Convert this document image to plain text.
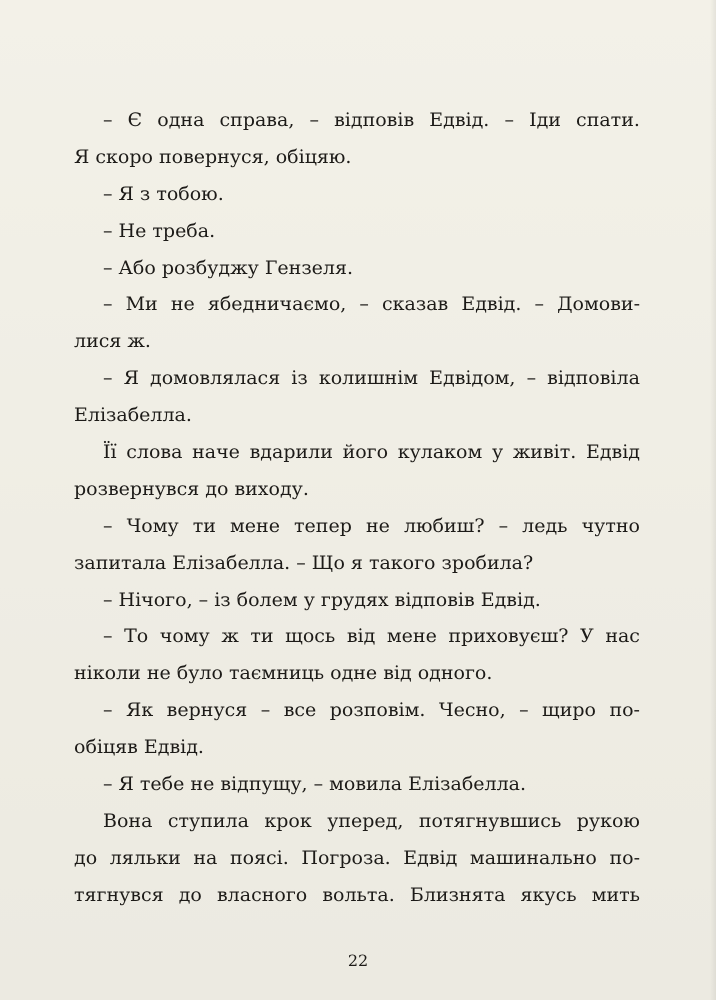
– Є одна справа, – відповів Едвід. – Іди спати.
Я скоро повернуся, обіцяю.
– Я з тобою.
– Не треба.
– Або розбуджу Гензеля.
– Ми не ябедничаємо, – сказав Едвід. – Домови-
лися ж.
– Я домовлялася із колишнім Едвідом, – відповіла
Елізабелла.
Її слова наче вдарили його кулаком у живіт. Едвід
розвернувся до виходу.
– Чому ти мене тепер не любиш? – ледь чутно
запитала Елізабелла. – Що я такого зробила?
– Нічого, – із болем у грудях відповів Едвід.
– То чому ж ти щось від мене приховуєш? У нас
ніколи не було таємниць одне від одного.
– Як вернуся – все розповім. Чесно, – щиро по-
обіцяв Едвід.
– Я тебе не відпущу, – мовила Елізабелла.
Вона ступила крок уперед, потягнувшись рукою
до ляльки на поясі. Погроза. Едвід машинально по-
тягнувся до власного вольта. Близнята якусь мить
22
